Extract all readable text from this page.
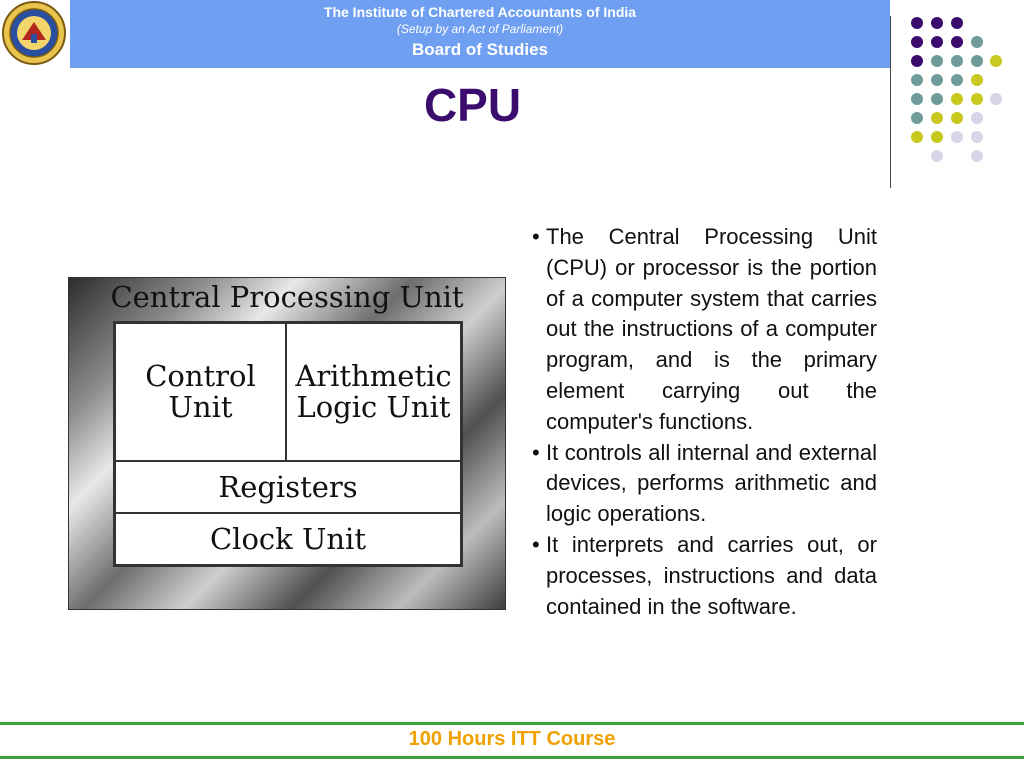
The Institute of Chartered Accountants of India
(Setup by an Act of Parliament)
Board of Studies
CPU
Central Processing Unit
Control
Unit
Arithmetic
Logic Unit
Registers
Clock Unit
• The Central Processing Unit (CPU) or processor is the portion of a computer system that carries out the instructions of a computer program, and is the primary element carrying out the computer's functions.
• It controls all internal and external devices, performs arithmetic and logic operations.
• It interprets and carries out, or processes, instructions and data contained in the software.
100 Hours ITT Course
